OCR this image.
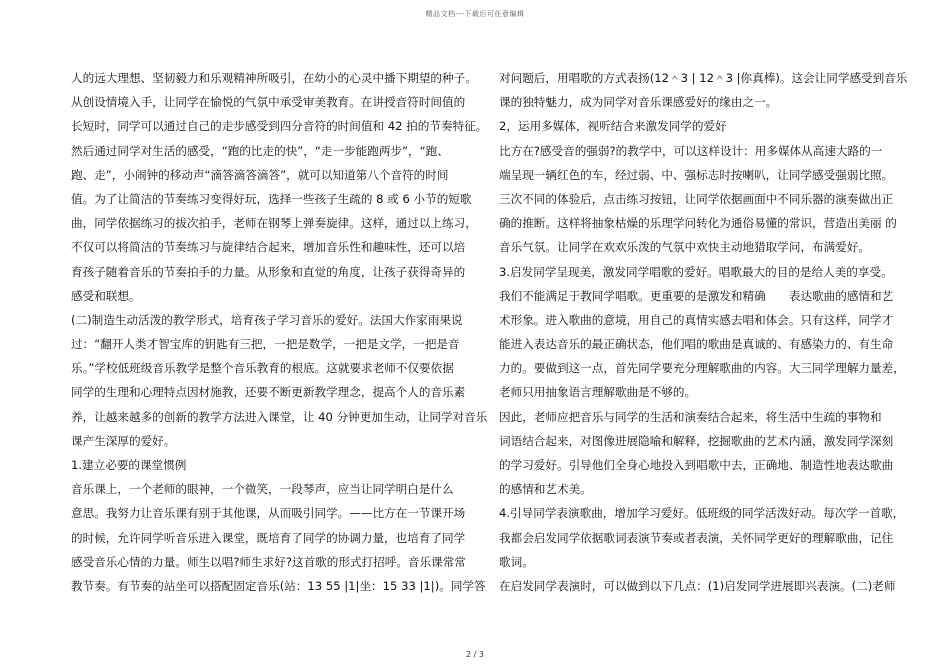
精品文档---下载后可任意编辑
人的远大理想、坚韧毅力和乐观精神所吸引，在幼小的心灵中播下期望的种子。
从创设情境入手，让同学在愉悦的气氛中承受审美教育。在讲授音符时间值的
长短时，同学可以通过自己的走步感受到四分音符的时间值和 42 拍的节奏特征。
然后通过同学对生活的感受，“跑的比走的快”，“走一步能跑两步”，“跑、
跑、走”，小闹钟的移动声“滴答滴答滴答”，就可以知道第八个音符的时间
值。为了让简洁的节奏练习变得好玩，选择一些孩子生疏的 8 或 6 小节的短歌
曲，同学依据练习的拔次拍手，老师在钢琴上弹奏旋律。这样，通过以上练习，
不仅可以将简洁的节奏练习与旋律结合起来，增加音乐性和趣味性，还可以培
育孩子随着音乐的节奏拍手的力量。从形象和直觉的角度，让孩子获得奇异的
感受和联想。
(二)制造生动活泼的教学形式，培育孩子学习音乐的爱好。法国大作家雨果说
过：“翻开人类才智宝库的钥匙有三把，一把是数学，一把是文学，一把是音
乐。”学校低班级音乐教学是整个音乐教育的根底。这就要求老师不仅要依据
同学的生理和心理特点因材施教，还要不断更新教学理念，提高个人的音乐素
养，让越来越多的创新的教学方法进入课堂，让 40 分钟更加生动，让同学对音乐
课产生深厚的爱好。
1.建立必要的课堂惯例
音乐课上，一个老师的眼神，一个微笑，一段琴声，应当让同学明白是什么
意思。我努力让音乐课有别于其他课，从而吸引同学。——比方在一节课开场
的时候，允许同学听音乐进入课堂，既培育了同学的协调力量，也培育了同学
感受音乐心情的力量。师生以唱?师生求好?这首歌的形式打招呼。音乐课常常
教节奏。有节奏的站坐可以搭配固定音乐(站：13 55 |1|坐：15 33 |1|)。同学答
对问题后，用唱歌的方式表扬(12＾3 | 12＾3 |你真棒)。这会让同学感受到音乐
课的独特魅力，成为同学对音乐课感爱好的缘由之一。
2，运用多媒体，视听结合来激发同学的爱好
比方在?感受音的强弱?的教学中，可以这样设计：用多媒体从高速大路的一
端呈现一辆红色的车，经过弱、中、强标志时按喇叭，让同学感受强弱比照。
三次不同的体验后，点击练习按钮，让同学依据画面中不同乐器的演奏做出正
确的推断。这样将抽象枯燥的乐理学问转化为通俗易懂的常识，营造出美丽 的
音乐气氛。让同学在欢欢乐泼的气氛中欢快主动地猎取学问，布满爱好。
3.启发同学呈现美，激发同学唱歌的爱好。唱歌最大的目的是给人美的享受。
我们不能满足于教同学唱歌。更重要的是激发和精确　　表达歌曲的感情和艺
术形象。进入歌曲的意境，用自己的真情实感去唱和体会。只有这样，同学才
能进入表达音乐的最正确状态，他们唱的歌曲是真诚的、有感染力的、有生命
力的。要做到这一点，首先同学要充分理解歌曲的内容。大三同学理解力量差，
老师只用抽象语言理解歌曲是不够的。
因此，老师应把音乐与同学的生活和演奏结合起来，将生活中生疏的事物和
词语结合起来，对图像进展隐喻和解释，挖掘歌曲的艺术内涵，激发同学深刻
的学习爱好。引导他们全身心地投入到唱歌中去，正确地、制造性地表达歌曲
的感情和艺术美。
4.引导同学表演歌曲，增加学习爱好。低班级的同学活泼好动。每次学一首歌，
我都会启发同学依据歌词表演节奏或者表演，关怀同学更好的理解歌曲，记住
歌词。
在启发同学表演时，可以做到以下几点：(1)启发同学进展即兴表演。(二)老师
2 / 3
